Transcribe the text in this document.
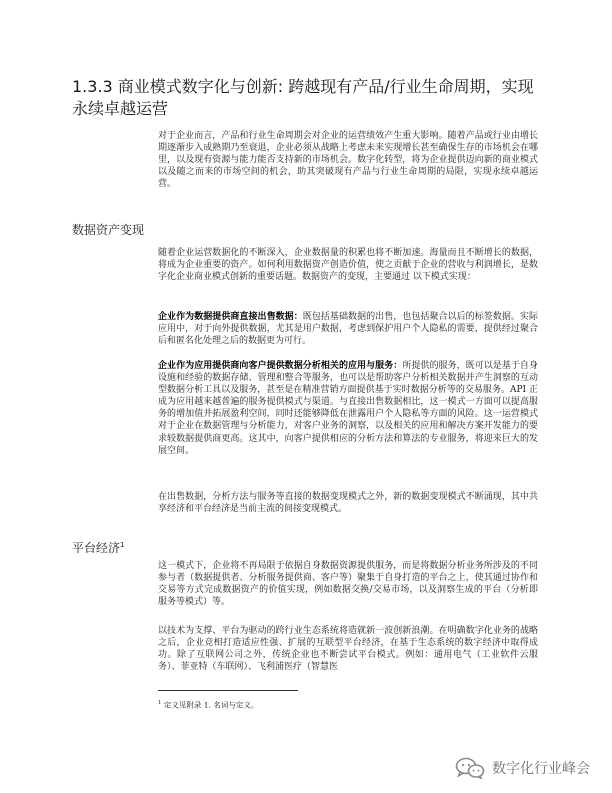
1.3.3 商业模式数字化与创新: 跨越现有产品/行业生命周期，实现
永续卓越运营

对于企业而言，产品和行业生命周期会对企业的运营绩效产生重大影响。随着产品或行业由增长期逐渐步入成熟期乃至衰退，企业必须从战略上考虑未来实现增长甚至确保生存的市场机会在哪里，以及现有资源与能力能否支持新的市场机会。数字化转型，将为企业提供迈向新的商业模式以及随之而来的市场空间的机会，助其突破现有产品与行业生命周期的局限，实现永续卓越运营。

数据资产变现

随着企业运营数据化的不断深入，企业数据量的积累也将不断加速。海量而且不断增长的数据，将成为企业重要的资产。如何利用数据资产创造价值，使之贡献于企业的营收与利润增长，是数字化企业商业模式创新的重要话题。数据资产的变现，主要通过 以下模式实现：

企业作为数据提供商直接出售数据：既包括基础数据的出售，也包括聚合以后的标签数据。实际应用中，对于向外提供数据，尤其是用户数据，考虑到保护用户个人隐私的需要，提供经过聚合后和匿名化处理之后的数据更为可行。

企业作为应用提供商向客户提供数据分析相关的应用与服务：所提供的服务，既可以是基于自身设施和经验的数据存储、管理和整合等服务，也可以是帮助客户分析相关数据并产生洞察的互动型数据分析工具以及服务，甚至是在精准营销方面提供基于实时数据分析等的交易服务。API 正成为应用越来越普遍的服务提供模式与渠道。与直接出售数据相比，这一模式一方面可以提高服务的增加值并拓展盈利空间，同时还能够降低在泄露用户个人隐私等方面的风险。这一运营模式对于企业在数据管理与分析能力，对客户业务的洞察，以及相关的应用和解决方案开发能力的要求较数据提供商更高。这其中，向客户提供相应的分析方法和算法的专业服务，将迎来巨大的发展空间。

在出售数据，分析方法与服务等直接的数据变现模式之外，新的数据变现模式不断涌现，其中共享经济和平台经济是当前主流的间接变现模式。

平台经济$^1$

这一模式下，企业将不再局限于依据自身数据资源提供服务，而是将数据分析业务所涉及的不同参与者（数据提供者、分析服务提供商、客户等）聚集于自身打造的平台之上，使其通过协作和交易等方式完成数据资产的价值实现，例如数据交换/交易市场，以及洞察生成的平台（分析即服务等模式）等。

以技术为支撑、平台为驱动的跨行业生态系统将造就新一波创新浪潮。在明确数字化业务的战略之后，企业竞相打造适应性强、扩展的互联型平台经济，在基于生态系统的数字经济中取得成功。除了互联网公司之外，传统企业也不断尝试平台模式。例如：通用电气（工业软件云服务）、菲亚特（车联网）、飞利浦医疗（智慧医

$^1$ 定义见附录 1. 名词与定义。
数字化行业峰会
